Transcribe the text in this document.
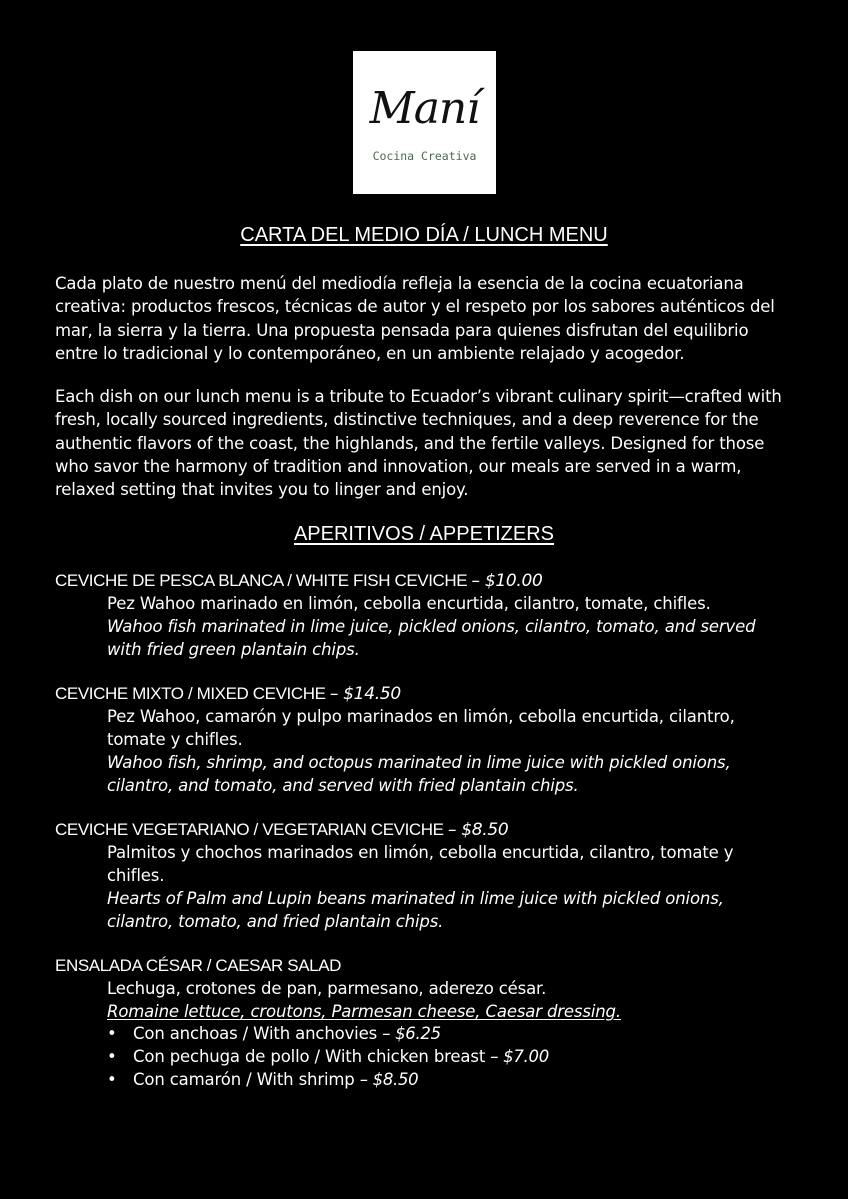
Maní
Cocina Creativa
CARTA DEL MEDIO DÍA / LUNCH MENU

Cada plato de nuestro menú del mediodía refleja la esencia de la cocina ecuatoriana creativa: productos frescos, técnicas de autor y el respeto por los sabores auténticos del mar, la sierra y la tierra. Una propuesta pensada para quienes disfrutan del equilibrio entre lo tradicional y lo contemporáneo, en un ambiente relajado y acogedor.

Each dish on our lunch menu is a tribute to Ecuador’s vibrant culinary spirit—crafted with fresh, locally sourced ingredients, distinctive techniques, and a deep reverence for the authentic flavors of the coast, the highlands, and the fertile valleys. Designed for those who savor the harmony of tradition and innovation, our meals are served in a warm, relaxed setting that invites you to linger and enjoy.

APERITIVOS / APPETIZERS
CEVICHE DE PESCA BLANCA / WHITE FISH CEVICHE – $10.00
Pez Wahoo marinado en limón, cebolla encurtida, cilantro, tomate, chifles.
Wahoo fish marinated in lime juice, pickled onions, cilantro, tomato, and served
with fried green plantain chips.
CEVICHE MIXTO / MIXED CEVICHE – $14.50
Pez Wahoo, camarón y pulpo marinados en limón, cebolla encurtida, cilantro,
tomate y chifles.
Wahoo fish, shrimp, and octopus marinated in lime juice with pickled onions,
cilantro, and tomato, and served with fried plantain chips.
CEVICHE VEGETARIANO / VEGETARIAN CEVICHE – $8.50
Palmitos y chochos marinados en limón, cebolla encurtida, cilantro, tomate y
chifles.
Hearts of Palm and Lupin beans marinated in lime juice with pickled onions,
cilantro, tomato, and fried plantain chips.
ENSALADA CÉSAR / CAESAR SALAD
Lechuga, crotones de pan, parmesano, aderezo césar.
Romaine lettuce, croutons, Parmesan cheese, Caesar dressing.
• Con anchoas / With anchovies – $6.25
• Con pechuga de pollo / With chicken breast – $7.00
• Con camarón / With shrimp – $8.50
